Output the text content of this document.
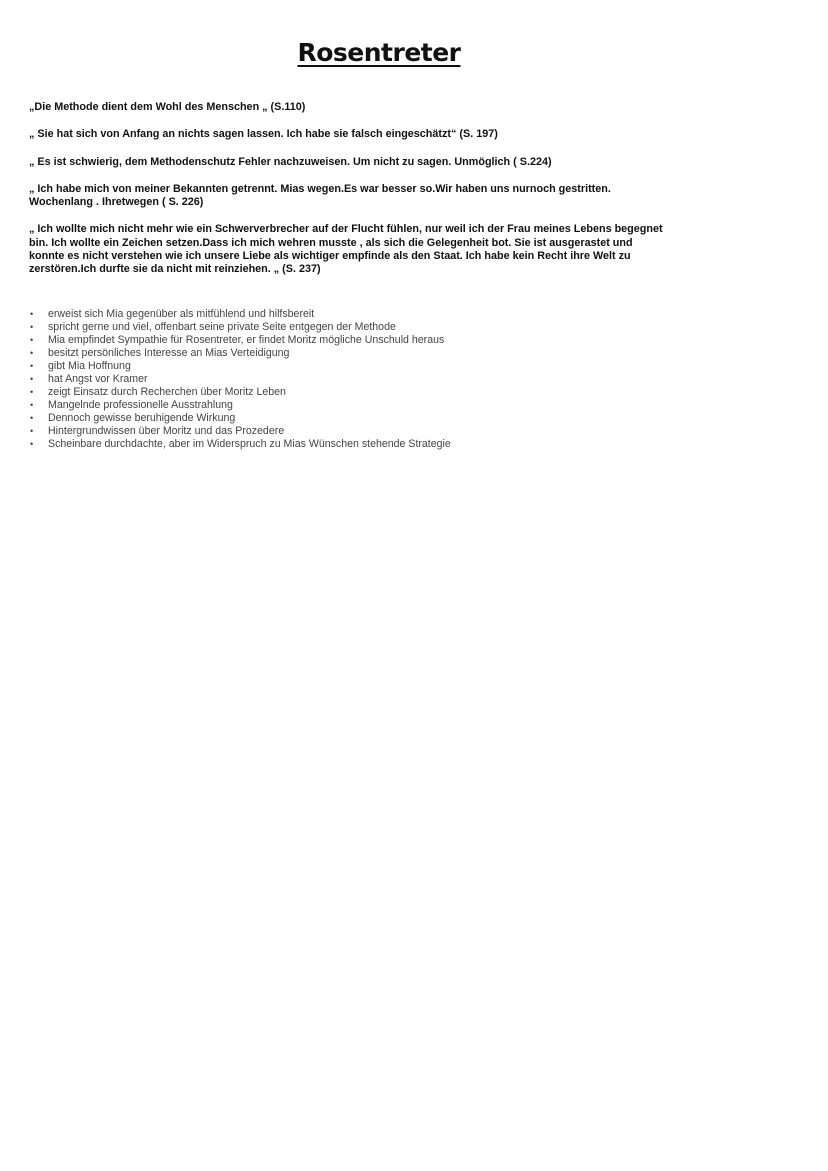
Rosentreter
„Die Methode dient dem Wohl des Menschen „ (S.110)
„ Sie hat sich von Anfang an nichts sagen lassen. Ich habe sie falsch eingeschätzt“ (S. 197)
„ Es ist schwierig, dem Methodenschutz Fehler nachzuweisen. Um nicht zu sagen. Unmöglich ( S.224)
„ Ich habe mich von meiner Bekannten getrennt. Mias wegen.Es war besser so.Wir haben uns nurnoch gestritten. Wochenlang . Ihretwegen ( S. 226)
„ Ich wollte mich nicht mehr wie ein Schwerverbrecher auf der Flucht fühlen, nur weil ich der Frau meines Lebens begegnet bin. Ich wollte ein Zeichen setzen.Dass ich mich wehren musste , als sich die Gelegenheit bot. Sie ist ausgerastet und konnte es nicht verstehen wie ich unsere Liebe als wichtiger empfinde als den Staat. Ich habe kein Recht ihre Welt zu zerstören.Ich durfte sie da nicht mit reinziehen. „ (S. 237)
• erweist sich Mia gegenüber als mitfühlend und hilfsbereit
• spricht gerne und viel, offenbart seine private Seite entgegen der Methode
• Mia empfindet Sympathie für Rosentreter, er findet Moritz mögliche Unschuld heraus
• besitzt persönliches Interesse an Mias Verteidigung
• gibt Mia Hoffnung
• hat Angst vor Kramer
• zeigt Einsatz durch Recherchen über Moritz Leben
• Mangelnde professionelle Ausstrahlung
• Dennoch gewisse beruhigende Wirkung
• Hintergrundwissen über Moritz und das Prozedere
• Scheinbare durchdachte, aber im Widerspruch zu Mias Wünschen stehende Strategie
